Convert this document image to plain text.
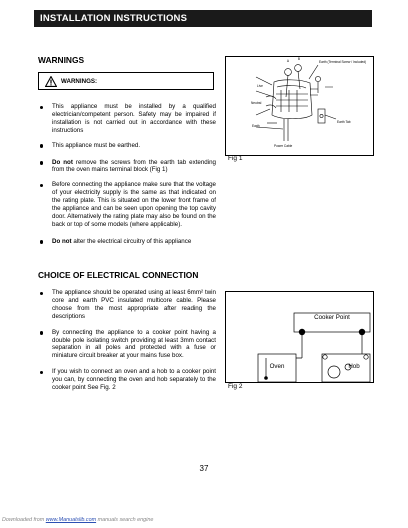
INSTALLATION INSTRUCTIONS
WARNINGS
WARNINGS:
This appliance must be installed by a qualified electrician/competent person. Safety may be impaired if installation is not carried out in accordance with these instructions
This appliance must be earthed.
Do not remove the screws from the earth tab extending from the oven mains terminal block (Fig 1)
Before connecting the appliance make sure that the voltage of your electricity supply is the same as that indicated on the rating plate. This is situated on the lower front frame of the appliance and can be seen upon opening the top cavity door. Alternatively the rating plate may also be found on the back or top of some models (where applicable).
Do not alter the electrical circuitry of this appliance
CHOICE OF ELECTRICAL CONNECTION
The appliance should be operated using at least 6mm² twin core and earth PVC insulated multicore cable. Please choose from the most appropriate after reading the descriptions
By connecting the appliance to a cooker point having a double pole isolating switch providing at least 3mm contact separation in all poles and protected with a fuse or miniature circuit breaker at your mains fuse box.
If you wish to connect an oven and a hob to a cooker point you can, by connecting the oven and hob separately to the cooker point See Fig. 2
A
B
Earth (Terminal Screw / Included)
Live
Neutral
Earth
Earth Tab
Power Cable
Fig 1
Cooker Point
Oven	Hob
Fig 2
37
Downloaded from www.Manualslib.com manuals search engine
